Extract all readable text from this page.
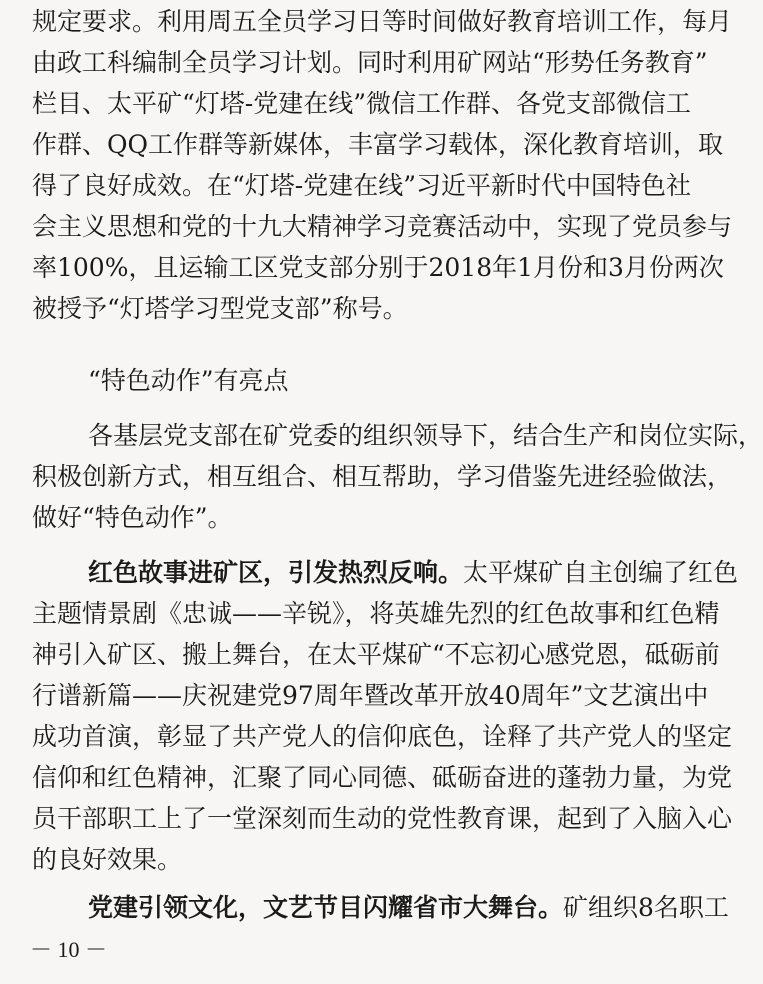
规定要求。利用周五全员学习日等时间做好教育培训工作，每月
由政工科编制全员学习计划。同时利用矿网站“形势任务教育”
栏目、太平矿“灯塔-党建在线”微信工作群、各党支部微信工
作群、QQ工作群等新媒体，丰富学习载体，深化教育培训，取
得了良好成效。在“灯塔-党建在线”习近平新时代中国特色社
会主义思想和党的十九大精神学习竞赛活动中，实现了党员参与
率100%，且运输工区党支部分别于2018年1月份和3月份两次
被授予“灯塔学习型党支部”称号。
“特色动作”有亮点
各基层党支部在矿党委的组织领导下，结合生产和岗位实际，
积极创新方式，相互组合、相互帮助，学习借鉴先进经验做法，
做好“特色动作”。
红色故事进矿区，引发热烈反响。太平煤矿自主创编了红色
主题情景剧《忠诚——辛锐》，将英雄先烈的红色故事和红色精
神引入矿区、搬上舞台，在太平煤矿“不忘初心感党恩，砥砺前
行谱新篇——庆祝建党97周年暨改革开放40周年”文艺演出中
成功首演，彰显了共产党人的信仰底色，诠释了共产党人的坚定
信仰和红色精神，汇聚了同心同德、砥砺奋进的蓬勃力量，为党
员干部职工上了一堂深刻而生动的党性教育课，起到了入脑入心
的良好效果。
党建引领文化，文艺节目闪耀省市大舞台。矿组织8名职工
－ 10 －
